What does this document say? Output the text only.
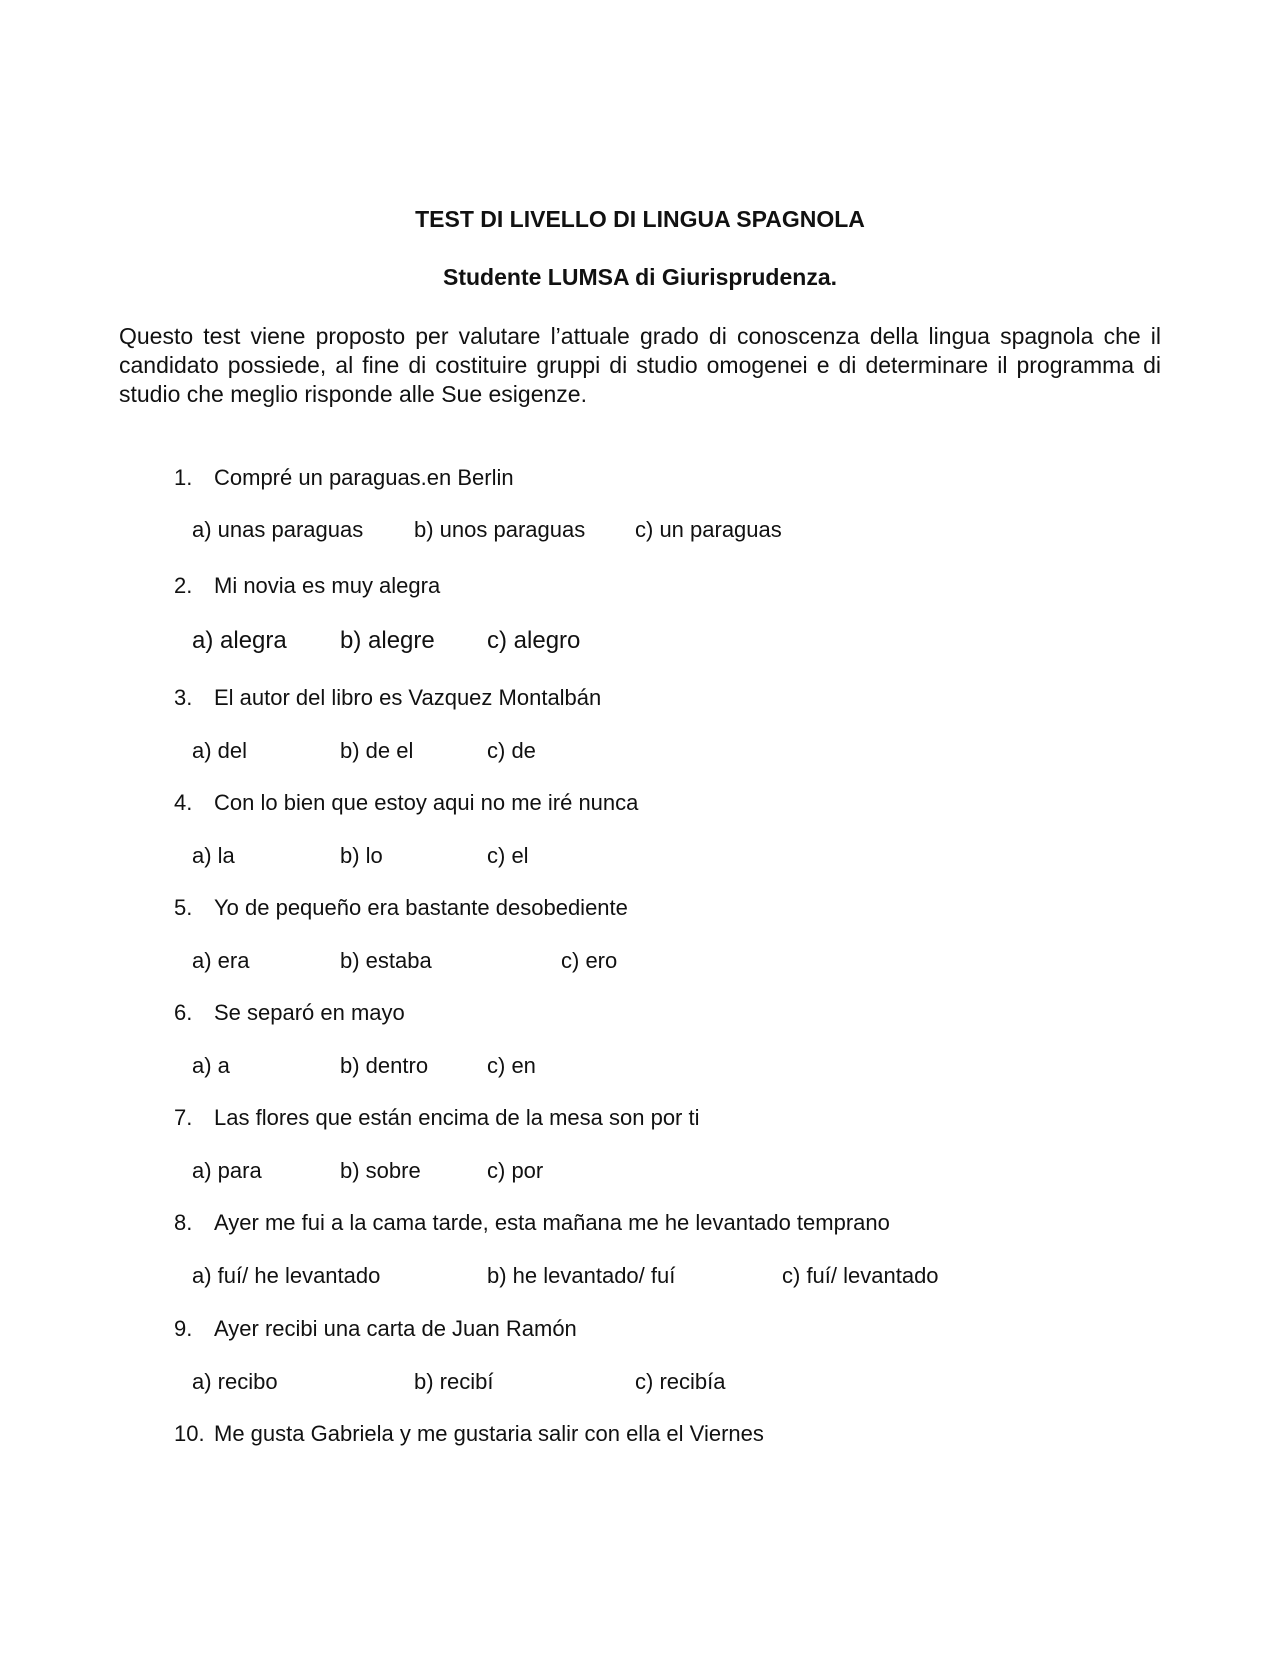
TEST DI LIVELLO DI LINGUA SPAGNOLA
Studente LUMSA di Giurisprudenza.

Questo test viene proposto per valutare l’attuale grado di conoscenza della lingua spagnola che il candidato possiede, al fine di costituire gruppi di studio omogenei e di determinare il programma di studio che meglio risponde alle Sue esigenze.

1. Compré un paraguas.en Berlin
a) unas paraguas b) unos paraguas c) un paraguas
2. Mi novia es muy alegra
a) alegra b) alegre c) alegro
3. El autor del libro es Vazquez Montalbán
a) del	b) de el	c) de
4. Con lo bien que estoy aqui no me iré nunca
a) la	b) lo	c) el
5. Yo de pequeño era bastante desobediente
a) era	b) estaba	c) ero
6. Se separó en mayo
a) a	b) dentro	c) en
7. Las flores que están encima de la mesa son por ti
a) para	b) sobre	c) por
8. Ayer me fui a la cama tarde, esta mañana me he levantado temprano
a) fuí/ he levantado	b) he levantado/ fuí	c) fuí/ levantado
9. Ayer recibi una carta de Juan Ramón
a) recibo	b) recibí	c) recibía
10. Me gusta Gabriela y me gustaria salir con ella el Viernes
